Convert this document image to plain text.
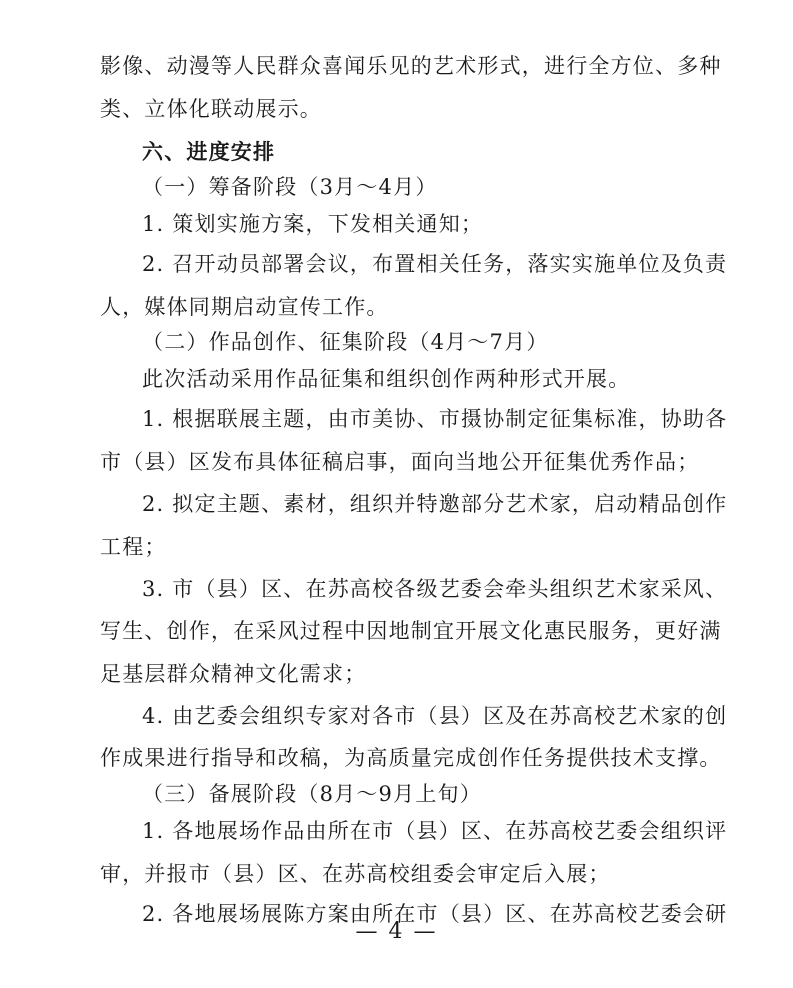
影像、动漫等人民群众喜闻乐见的艺术形式，进行全方位、多种
类、立体化联动展示。
六、进度安排
（一）筹备阶段（3月～4月）
1. 策划实施方案，下发相关通知；
2. 召开动员部署会议，布置相关任务，落实实施单位及负责
人，媒体同期启动宣传工作。
（二）作品创作、征集阶段（4月～7月）
此次活动采用作品征集和组织创作两种形式开展。
1. 根据联展主题，由市美协、市摄协制定征集标准，协助各
市（县）区发布具体征稿启事，面向当地公开征集优秀作品；
2. 拟定主题、素材，组织并特邀部分艺术家，启动精品创作
工程；
3. 市（县）区、在苏高校各级艺委会牵头组织艺术家采风、
写生、创作，在采风过程中因地制宜开展文化惠民服务，更好满
足基层群众精神文化需求；
4. 由艺委会组织专家对各市（县）区及在苏高校艺术家的创
作成果进行指导和改稿，为高质量完成创作任务提供技术支撑。
（三）备展阶段（8月～9月上旬）
1. 各地展场作品由所在市（县）区、在苏高校艺委会组织评
审，并报市（县）区、在苏高校组委会审定后入展；
2. 各地展场展陈方案由所在市（县）区、在苏高校艺委会研
— 4 —
